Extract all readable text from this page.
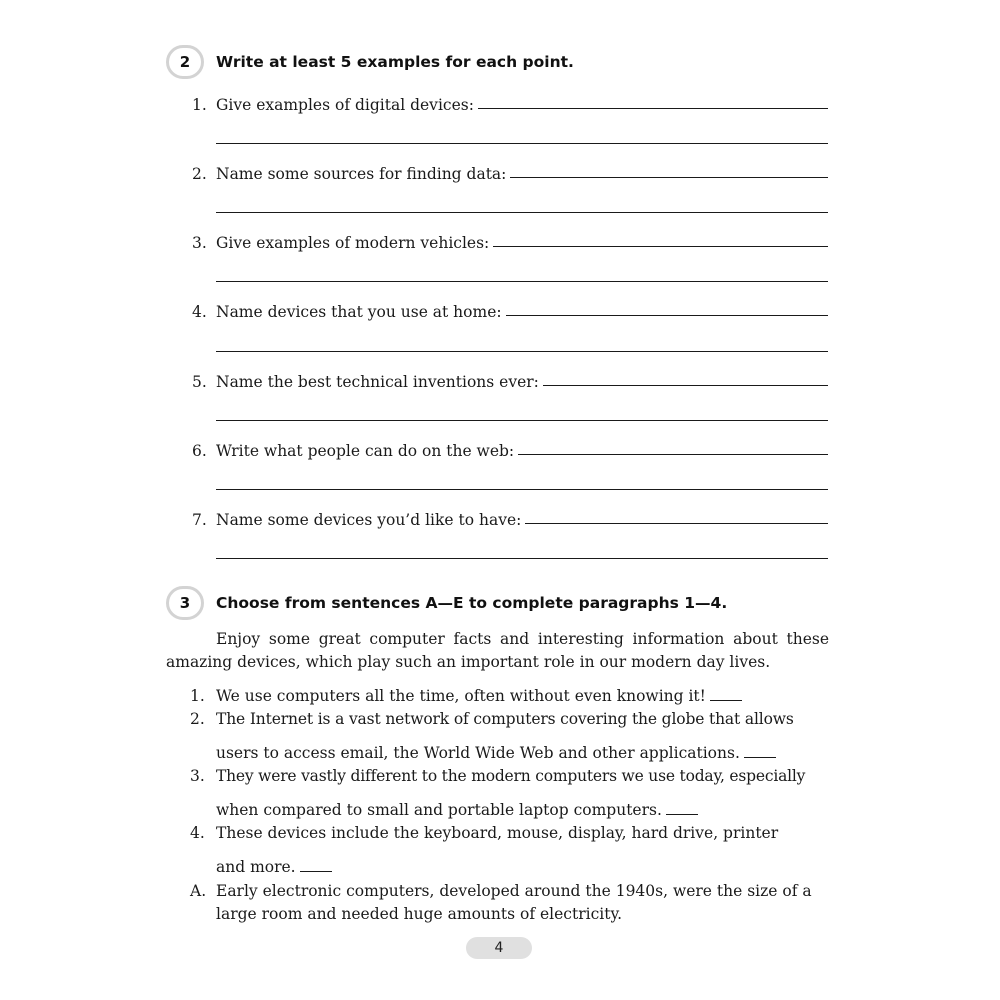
2	Write at least 5 examples for each point.
1. Give examples of digital devices:
2. Name some sources for finding data:
3. Give examples of modern vehicles:
4. Name devices that you use at home:
5. Name the best technical inventions ever:
6. Write what people can do on the web:
7. Name some devices you’d like to have:
3	Choose from sentences A—E to complete paragraphs 1—4.
Enjoy some great computer facts and interesting information about these amazing devices, which play such an important role in our modern day lives.
1. We use computers all the time, often without even knowing it!
2. The Internet is a vast network of computers covering the globe that allows
users to access email, the World Wide Web and other applications.
3. They were vastly different to the modern computers we use today, especially
when compared to small and portable laptop computers.
4. These devices include the keyboard, mouse, display, hard drive, printer
and more.
A. Early electronic computers, developed around the 1940s, were the size of a large room and needed huge amounts of electricity.
4
